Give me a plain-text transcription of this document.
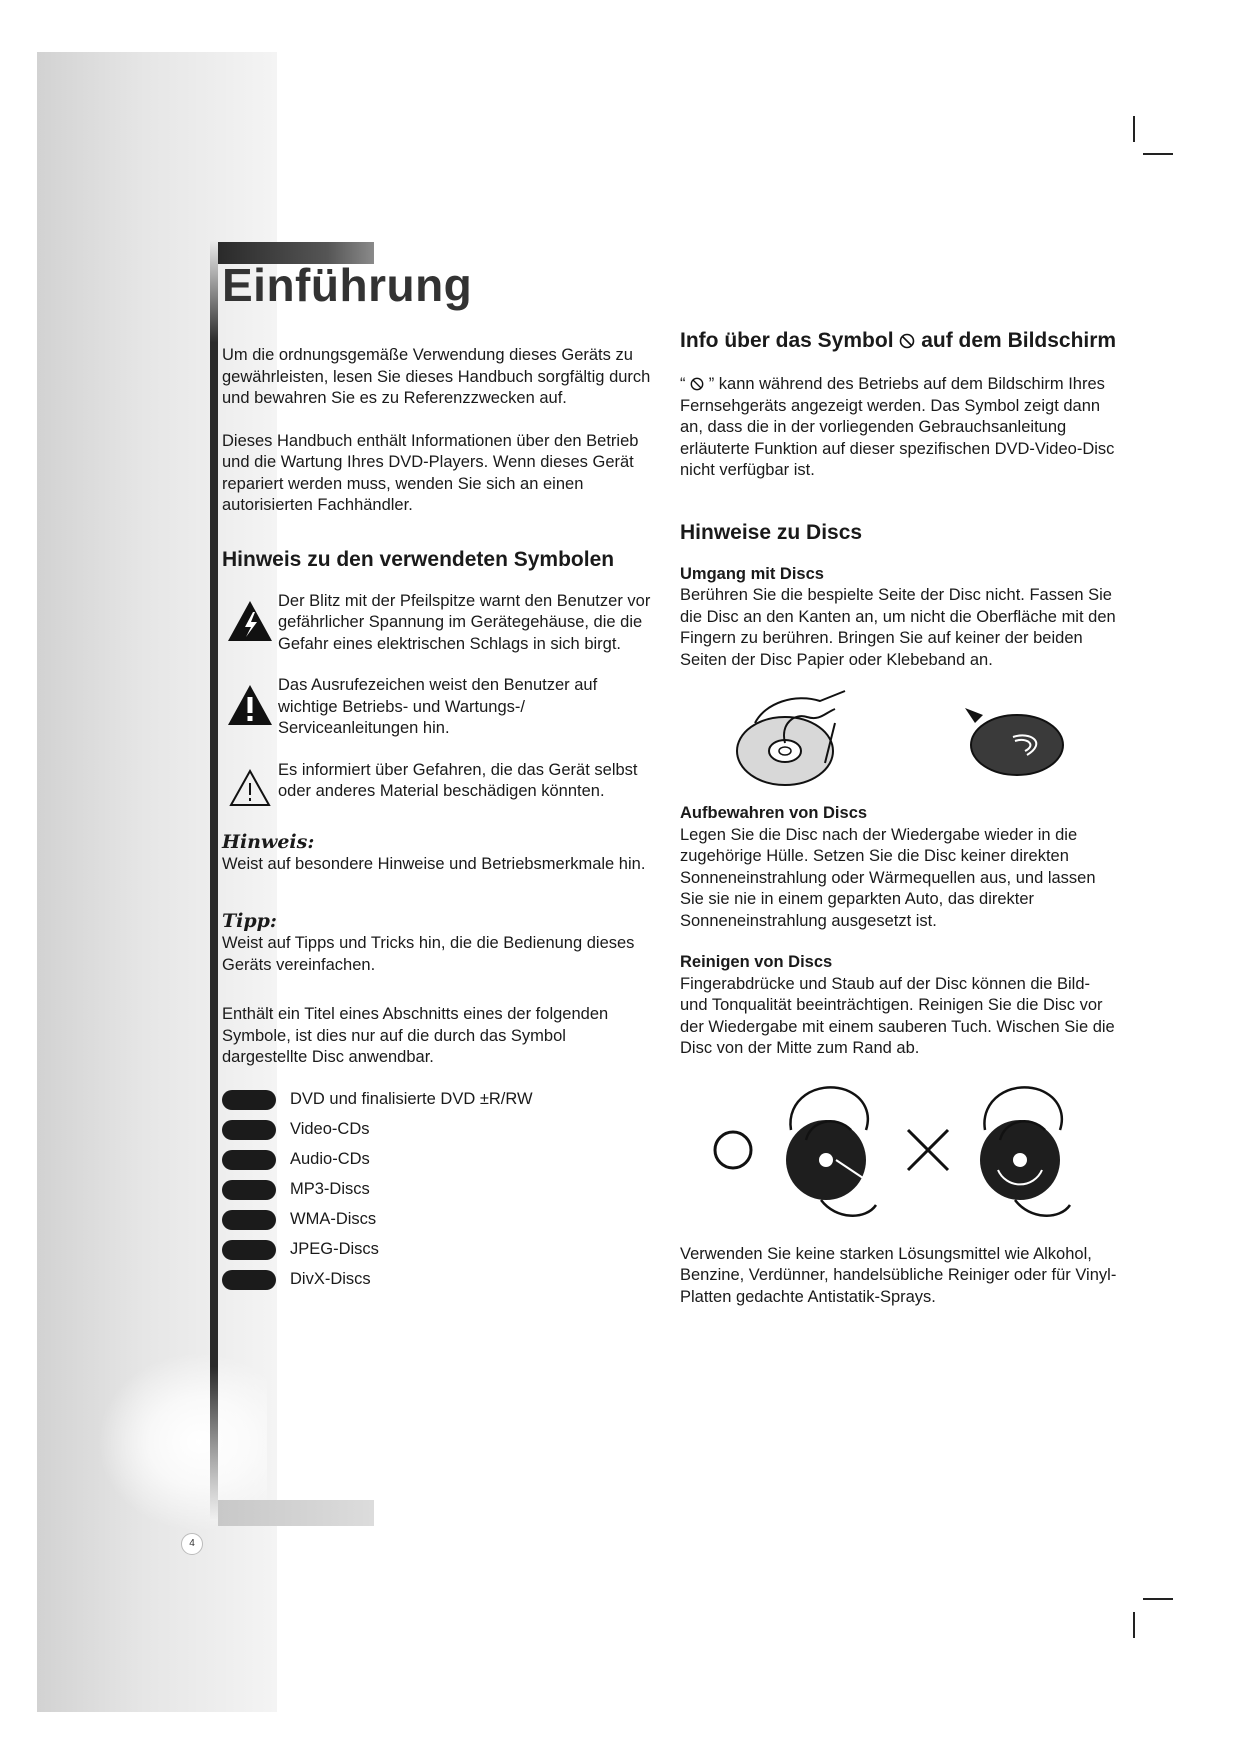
4
Einführung

Um die ordnungsgemäße Verwendung dieses Geräts zu gewährleisten, lesen Sie dieses Handbuch sorgfältig durch und bewahren Sie es zu Referenzzwecken auf.

Dieses Handbuch enthält Informationen über den Betrieb und die Wartung Ihres DVD-Players. Wenn dieses Gerät repariert werden muss, wenden Sie sich an einen autorisierten Fachhändler.

Hinweis zu den verwendeten Symbolen
Der Blitz mit der Pfeilspitze warnt den Benutzer vor gefährlicher Spannung im Gerätegehäuse, die die Gefahr eines elektrischen Schlags in sich birgt.
Das Ausrufezeichen weist den Benutzer auf wichtige Betriebs- und Wartungs-/ Serviceanleitungen hin.
Es informiert über Gefahren, die das Gerät selbst oder anderes Material beschädigen könnten.
Hinweis:

Weist auf besondere Hinweise und Betriebsmerkmale hin.

Tipp:

Weist auf Tipps und Tricks hin, die die Bedienung dieses Geräts vereinfachen.

Enthält ein Titel eines Abschnitts eines der folgenden Symbole, ist dies nur auf die durch das Symbol dargestellte Disc anwendbar.

DVD und finalisierte DVD ±R/RW
Video-CDs
Audio-CDs
MP3-Discs
WMA-Discs
JPEG-Discs
DivX-Discs
Info über das Symbol auf dem Bildschirm

“ ” kann während des Betriebs auf dem Bildschirm Ihres Fernsehgeräts angezeigt werden. Das Symbol zeigt dann an, dass die in der vorliegenden Gebrauchsanleitung erläuterte Funktion auf dieser spezifischen DVD-Video-Disc nicht verfügbar ist.

Hinweise zu Discs
Umgang mit Discs

Berühren Sie die bespielte Seite der Disc nicht. Fassen Sie die Disc an den Kanten an, um nicht die Oberfläche mit den Fingern zu berühren. Bringen Sie auf keiner der beiden Seiten der Disc Papier oder Klebeband an.

Aufbewahren von Discs

Legen Sie die Disc nach der Wiedergabe wieder in die zugehörige Hülle. Setzen Sie die Disc keiner direkten Sonneneinstrahlung oder Wärmequellen aus, und lassen Sie sie nie in einem geparkten Auto, das direkter Sonneneinstrahlung ausgesetzt ist.

Reinigen von Discs

Fingerabdrücke und Staub auf der Disc können die Bild- und Tonqualität beeinträchtigen. Reinigen Sie die Disc vor der Wiedergabe mit einem sauberen Tuch. Wischen Sie die Disc von der Mitte zum Rand ab.

Verwenden Sie keine starken Lösungsmittel wie Alkohol, Benzine, Verdünner, handelsübliche Reiniger oder für Vinyl-Platten gedachte Antistatik-Sprays.
